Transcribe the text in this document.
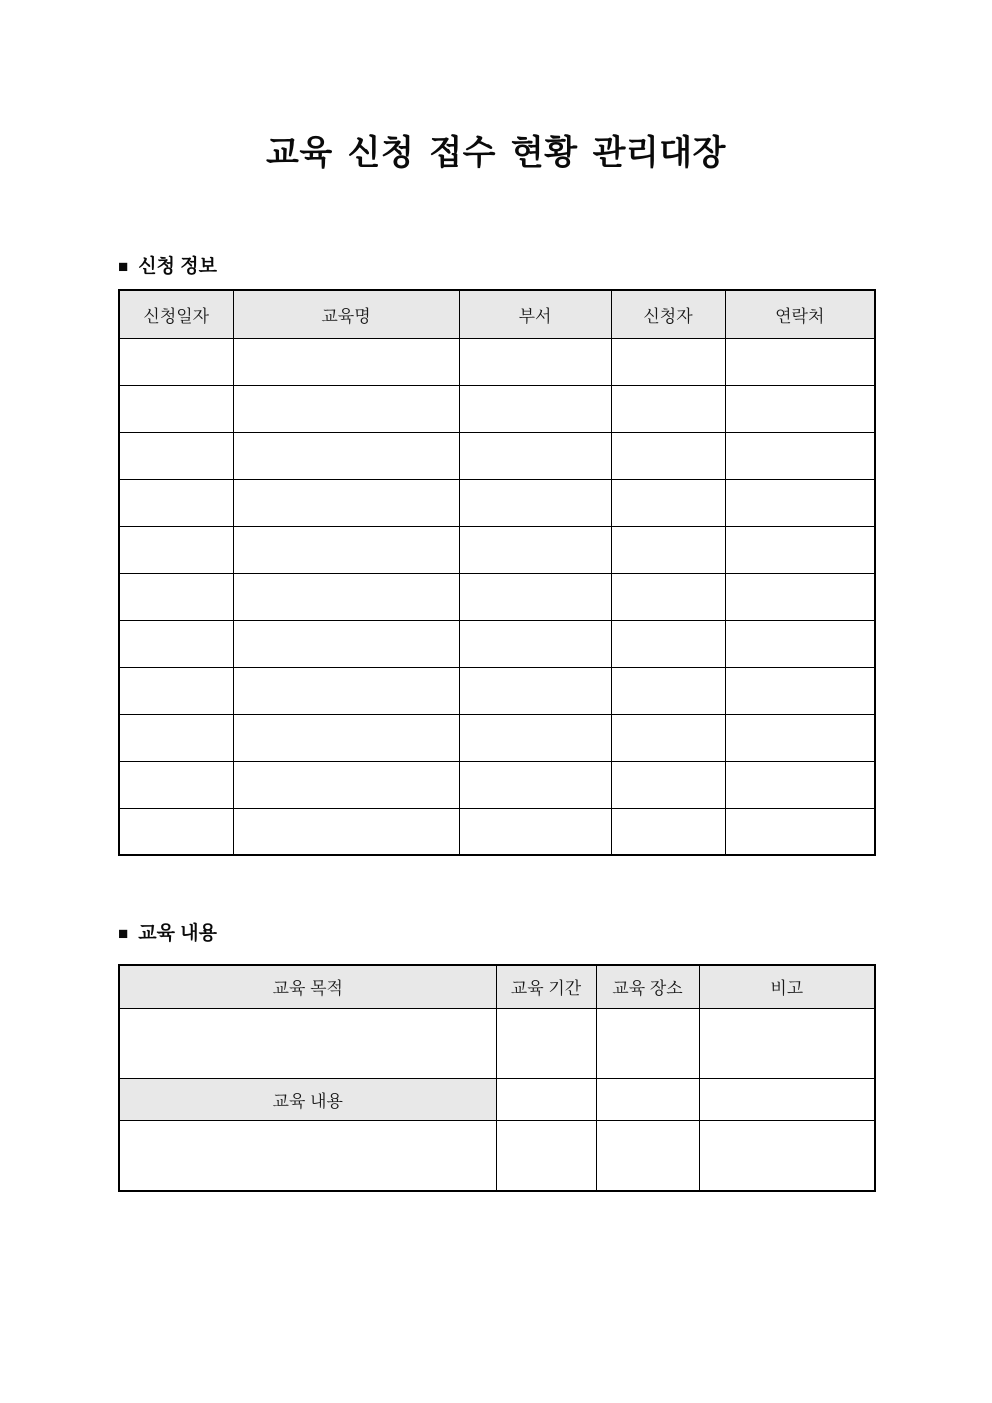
교육 신청 접수 현황 관리대장
■ 신청 정보
신청일자	교육명	부서	신청자	연락처

■ 교육 내용
교육 목적	교육 기간	교육 장소	비고

교육 내용			
